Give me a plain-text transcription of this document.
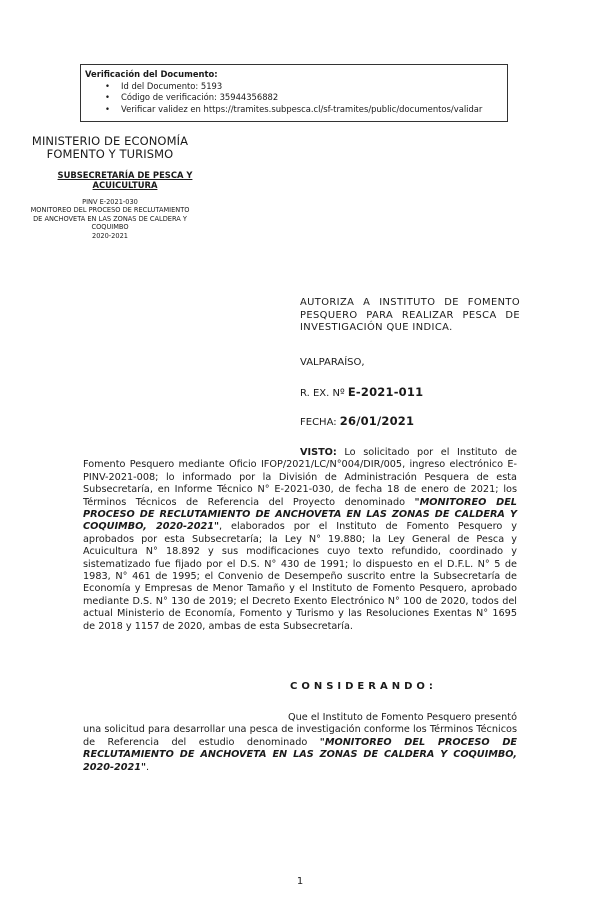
Verificación del Documento:
• Id del Documento: 5193
• Código de verificación: 35944356882
• Verificar validez en https://tramites.subpesca.cl/sf-tramites/public/documentos/validar
MINISTERIO DE ECONOMÍA
FOMENTO Y TURISMO
SUBSECRETARÍA DE PESCA Y
ACUICULTURA
PINV E-2021-030
MONITOREO DEL PROCESO DE RECLUTAMIENTO
DE ANCHOVETA EN LAS ZONAS DE CALDERA Y
COQUIMBO
2020-2021
AUTORIZA A INSTITUTO DE FOMENTO PESQUERO PARA REALIZAR PESCA DE INVESTIGACIÓN QUE INDICA.
VALPARAÍSO,
R. EX. Nº E-2021-011
FECHA: 26/01/2021
VISTO: Lo solicitado por el Instituto de Fomento Pesquero mediante Oficio IFOP/2021/LC/N°004/DIR/005, ingreso electrónico E-PINV-2021-008; lo informado por la División de Administración Pesquera de esta Subsecretaría, en Informe Técnico N° E-2021-030, de fecha 18 de enero de 2021; los Términos Técnicos de Referencia del Proyecto denominado "MONITOREO DEL PROCESO DE RECLUTAMIENTO DE ANCHOVETA EN LAS ZONAS DE CALDERA Y COQUIMBO, 2020-2021", elaborados por el Instituto de Fomento Pesquero y aprobados por esta Subsecretaría; la Ley N° 19.880; la Ley General de Pesca y Acuicultura N° 18.892 y sus modificaciones cuyo texto refundido, coordinado y sistematizado fue fijado por el D.S. N° 430 de 1991; lo dispuesto en el D.F.L. N° 5 de 1983, N° 461 de 1995; el Convenio de Desempeño suscrito entre la Subsecretaría de Economía y Empresas de Menor Tamaño y el Instituto de Fomento Pesquero, aprobado mediante D.S. N° 130 de 2019; el Decreto Exento Electrónico N° 100 de 2020, todos del actual Ministerio de Economía, Fomento y Turismo y las Resoluciones Exentas N° 1695 de 2018 y 1157 de 2020, ambas de esta Subsecretaría.
CONSIDERANDO:
Que el Instituto de Fomento Pesquero presentó una solicitud para desarrollar una pesca de investigación conforme los Términos Técnicos de Referencia del estudio denominado "MONITOREO DEL PROCESO DE RECLUTAMIENTO DE ANCHOVETA EN LAS ZONAS DE CALDERA Y COQUIMBO, 2020-2021".
1
